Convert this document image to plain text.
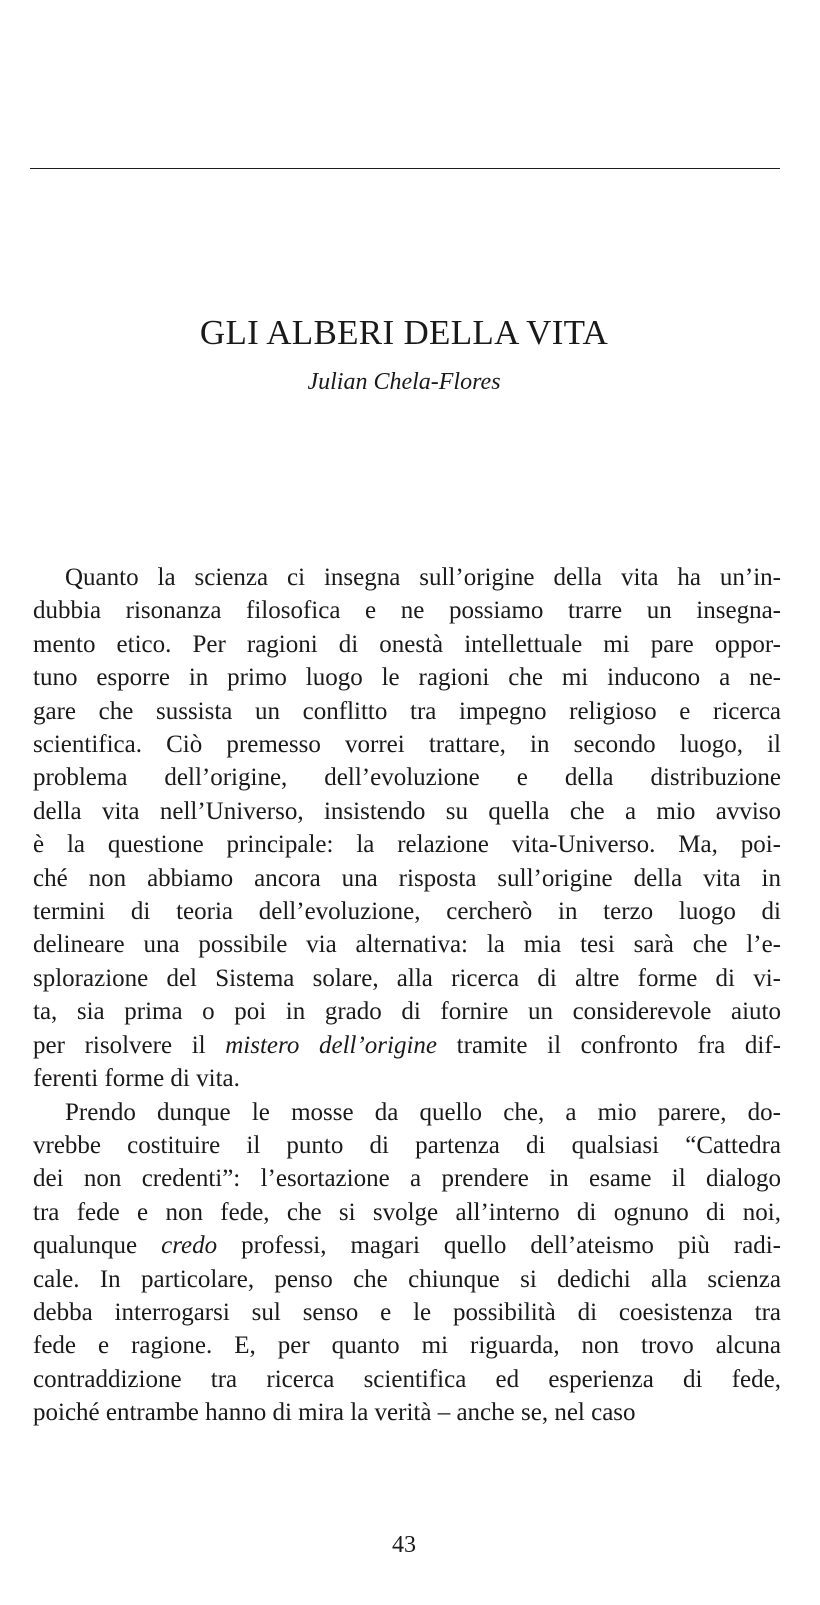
GLI ALBERI DELLA VITA
Julian Chela-Flores
Quanto la scienza ci insegna sull’origine della vita ha un’in-
dubbia risonanza filosofica e ne possiamo trarre un insegna-
mento etico. Per ragioni di onestà intellettuale mi pare oppor-
tuno esporre in primo luogo le ragioni che mi inducono a ne-
gare che sussista un conflitto tra impegno religioso e ricerca
scientifica. Ciò premesso vorrei trattare, in secondo luogo, il
problema dell’origine, dell’evoluzione e della distribuzione
della vita nell’Universo, insistendo su quella che a mio avviso
è la questione principale: la relazione vita-Universo. Ma, poi-
ché non abbiamo ancora una risposta sull’origine della vita in
termini di teoria dell’evoluzione, cercherò in terzo luogo di
delineare una possibile via alternativa: la mia tesi sarà che l’e-
splorazione del Sistema solare, alla ricerca di altre forme di vi-
ta, sia prima o poi in grado di fornire un considerevole aiuto
per risolvere il mistero dell’origine tramite il confronto fra dif-
ferenti forme di vita.
Prendo dunque le mosse da quello che, a mio parere, do-
vrebbe costituire il punto di partenza di qualsiasi “Cattedra
dei non credenti”: l’esortazione a prendere in esame il dialogo
tra fede e non fede, che si svolge all’interno di ognuno di noi,
qualunque credo professi, magari quello dell’ateismo più radi-
cale. In particolare, penso che chiunque si dedichi alla scienza
debba interrogarsi sul senso e le possibilità di coesistenza tra
fede e ragione. E, per quanto mi riguarda, non trovo alcuna
contraddizione tra ricerca scientifica ed esperienza di fede,
poiché entrambe hanno di mira la verità – anche se, nel caso
43
